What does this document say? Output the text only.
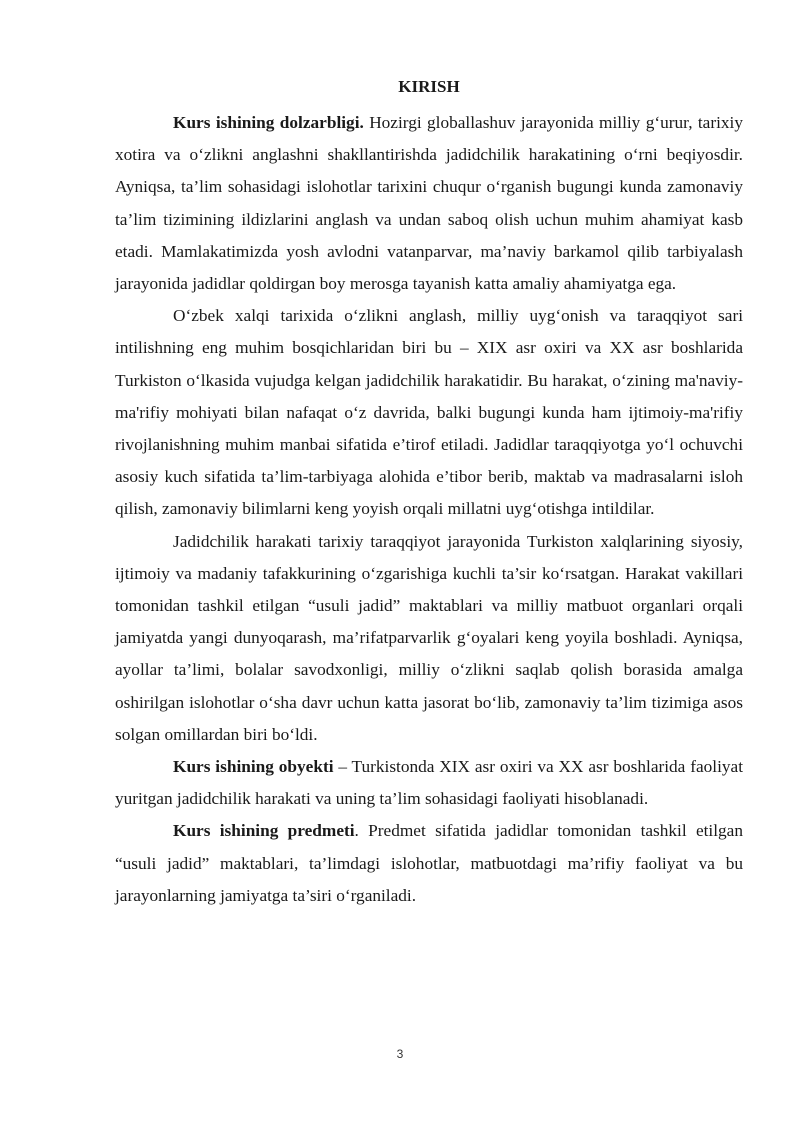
KIRISH

Kurs ishining dolzarbligi. Hozirgi globallashuv jarayonida milliy g‘urur, tarixiy xotira va o‘zlikni anglashni shakllantirishda jadidchilik harakatining o‘rni beqiyosdir. Ayniqsa, ta’lim sohasidagi islohotlar tarixini chuqur o‘rganish bugungi kunda zamonaviy ta’lim tizimining ildizlarini anglash va undan saboq olish uchun muhim ahamiyat kasb etadi. Mamlakatimizda yosh avlodni vatanparvar, ma’naviy barkamol qilib tarbiyalash jarayonida jadidlar qoldirgan boy merosga tayanish katta amaliy ahamiyatga ega.

O‘zbek xalqi tarixida o‘zlikni anglash, milliy uyg‘onish va taraqqiyot sari intilishning eng muhim bosqichlaridan biri bu – XIX asr oxiri va XX asr boshlarida Turkiston o‘lkasida vujudga kelgan jadidchilik harakatidir. Bu harakat, o‘zining ma'naviy-ma'rifiy mohiyati bilan nafaqat o‘z davrida, balki bugungi kunda ham ijtimoiy-ma'rifiy rivojlanishning muhim manbai sifatida e’tirof etiladi. Jadidlar taraqqiyotga yo‘l ochuvchi asosiy kuch sifatida ta’lim-tarbiyaga alohida e’tibor berib, maktab va madrasalarni isloh qilish, zamonaviy bilimlarni keng yoyish orqali millatni uyg‘otishga intildilar.

Jadidchilik harakati tarixiy taraqqiyot jarayonida Turkiston xalqlarining siyosiy, ijtimoiy va madaniy tafakkurining o‘zgarishiga kuchli ta’sir ko‘rsatgan. Harakat vakillari tomonidan tashkil etilgan “usuli jadid” maktablari va milliy matbuot organlari orqali jamiyatda yangi dunyoqarash, ma’rifatparvarlik g‘oyalari keng yoyila boshladi. Ayniqsa, ayollar ta’limi, bolalar savodxonligi, milliy o‘zlikni saqlab qolish borasida amalga oshirilgan islohotlar o‘sha davr uchun katta jasorat bo‘lib, zamonaviy ta’lim tizimiga asos solgan omillardan biri bo‘ldi.

Kurs ishining obyekti – Turkistonda XIX asr oxiri va XX asr boshlarida faoliyat yuritgan jadidchilik harakati va uning ta’lim sohasidagi faoliyati hisoblanadi.

Kurs ishining predmeti. Predmet sifatida jadidlar tomonidan tashkil etilgan “usuli jadid” maktablari, ta’limdagi islohotlar, matbuotdagi ma’rifiy faoliyat va bu jarayonlarning jamiyatga ta’siri o‘rganiladi.

3
